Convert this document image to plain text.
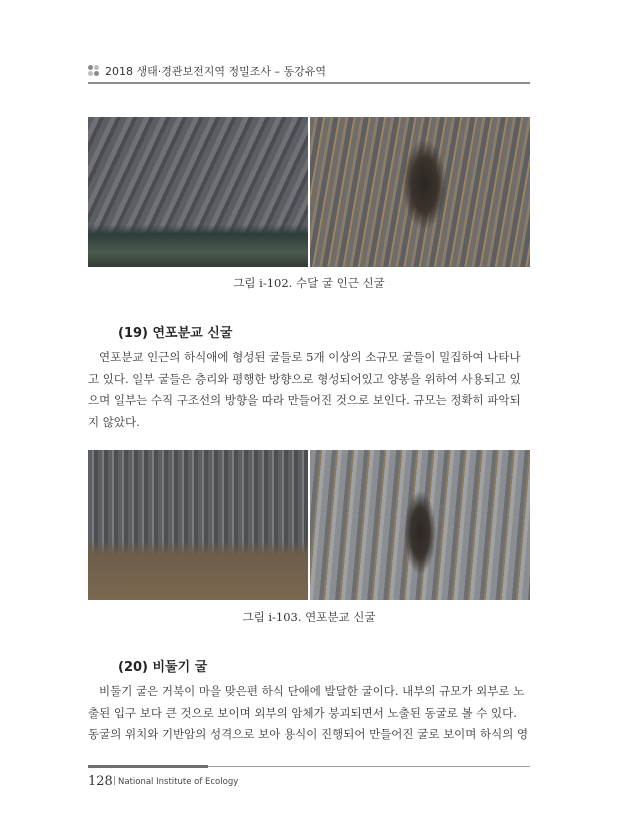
2018 생태·경관보전지역 정밀조사 – 동강유역
그림 i-102. 수달 굴 인근 신굴
(19) 연포분교 신굴

연포분교 인근의 하식애에 형성된 굴들로 5개 이상의 소규모 굴들이 밀집하여 나타나
고 있다. 일부 굴들은 층리와 평행한 방향으로 형성되어있고 양봉을 위하여 사용되고 있
으며 일부는 수직 구조선의 방향을 따라 만들어진 것으로 보인다. 규모는 정확히 파악되
지 않았다.

그림 i-103. 연포분교 신굴
(20) 비둘기 굴

비둘기 굴은 거북이 마을 맞은편 하식 단애에 발달한 굴이다. 내부의 규모가 외부로 노
출된 입구 보다 큰 것으로 보이며 외부의 암체가 붕괴되면서 노출된 동굴로 볼 수 있다.
동굴의 위치와 기반암의 성격으로 보아 용식이 진행되어 만들어진 굴로 보이며 하식의 영

128 | National Institute of Ecology
